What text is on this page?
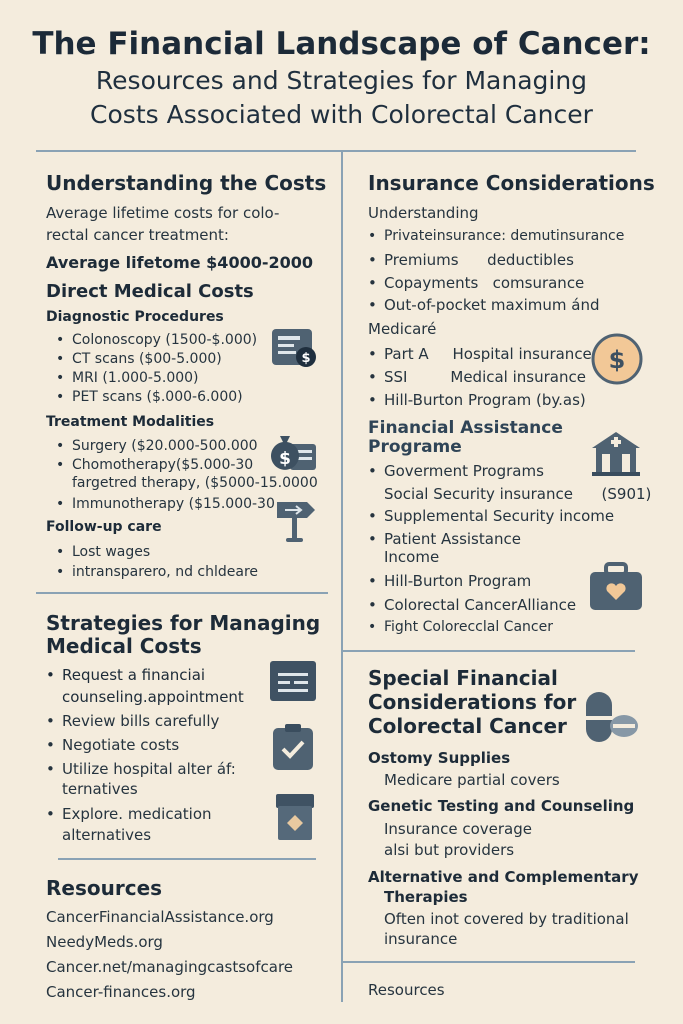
The Financial Landscape of Cancer:
Resources and Strategies for Managing
Costs Associated with Colorectal Cancer
Understanding the Costs
Average lifetime costs for colo-
rectal cancer treatment:
Average lifetome $4000-2000
Direct Medical Costs
Diagnostic Procedures
• Colonoscopy (1500-$.000)
• CT scans ($00-5.000)
• MRI (1.000-5.000)
• PET scans ($.000-6.000)
Treatment Modalities
• Surgery ($20.000-500.000
• Chomotherapy($5.000-30
fargetred therapy, ($5000-15.0000
• Immunotherapy ($15.000-30
Follow-up care
• Lost wages
• intransparero, nd chldeare
$
$
Strategies for Managing
Medical Costs
• Request a financiai
counseling.appointment
• Review bills carefully
• Negotiate costs
• Utilize hospital alter áf:
ternatives
• Explore. medication
alternatives
Resources
CancerFinancialAssistance.org
NeedyMeds.org
Cancer.net/managingcastsofcare
Cancer-finances.org
Insurance Considerations
Understanding
• Privateinsurance: demutinsurance
• Premiums      deductibles
• Copayments   comsurance
• Out-of-pocket maximum ánd
Medicaré
• Part A     Hospital insurance
• SSI         Medical insurance
• Hill-Burton Program (by.as)
$
Financial Assistance
Programe
• Goverment Programs
Social Security insurance      (S901)
• Supplemental Security income
• Patient Assistance
Income
• Hill-Burton Program
• Colorectal CancerAlliance
• Fight Colorecclal Cancer
Special Financial
Considerations for
Colorectal Cancer
Ostomy Supplies
Medicare partial covers
Genetic Testing and Counseling
Insurance coverage
alsi but providers
Alternative and Complementary
Therapies
Often inot covered by traditional
insurance
Resources
